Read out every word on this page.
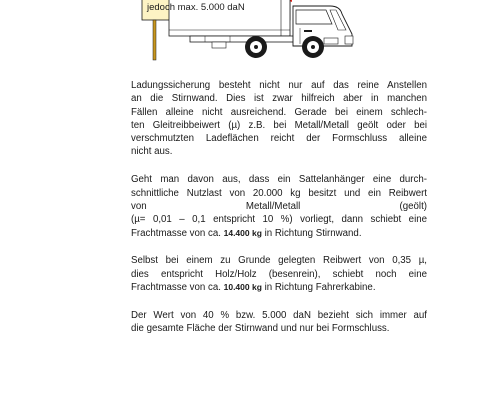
jedoch max. 5.000 daN

Ladungssicherung besteht nicht nur auf das reine Anstellen
an die Stirnwand. Dies ist zwar hilfreich aber in manchen
Fällen alleine nicht ausreichend. Gerade bei einem schlech-
ten Gleitreibbeiwert (µ) z.B. bei Metall/Metall geölt oder bei
verschmutzten Ladeflächen reicht der Formschluss alleine
nicht aus.

Geht man davon aus, dass ein Sattelanhänger eine durch-
schnittliche Nutzlast von 20.000 kg besitzt und ein Reibwert
von Metall/Metall (geölt)
(µ= 0,01 – 0,1 entspricht 10 %) vorliegt, dann schiebt eine
Frachtmasse von ca. 14.400 kg in Richtung Stirnwand.

Selbst bei einem zu Grunde gelegten Reibwert von 0,35 µ,
dies entspricht Holz/Holz (besenrein), schiebt noch eine
Frachtmasse von ca. 10.400 kg in Richtung Fahrerkabine.

Der Wert von 40 % bzw. 5.000 daN bezieht sich immer auf
die gesamte Fläche der Stirnwand und nur bei Formschluss.
